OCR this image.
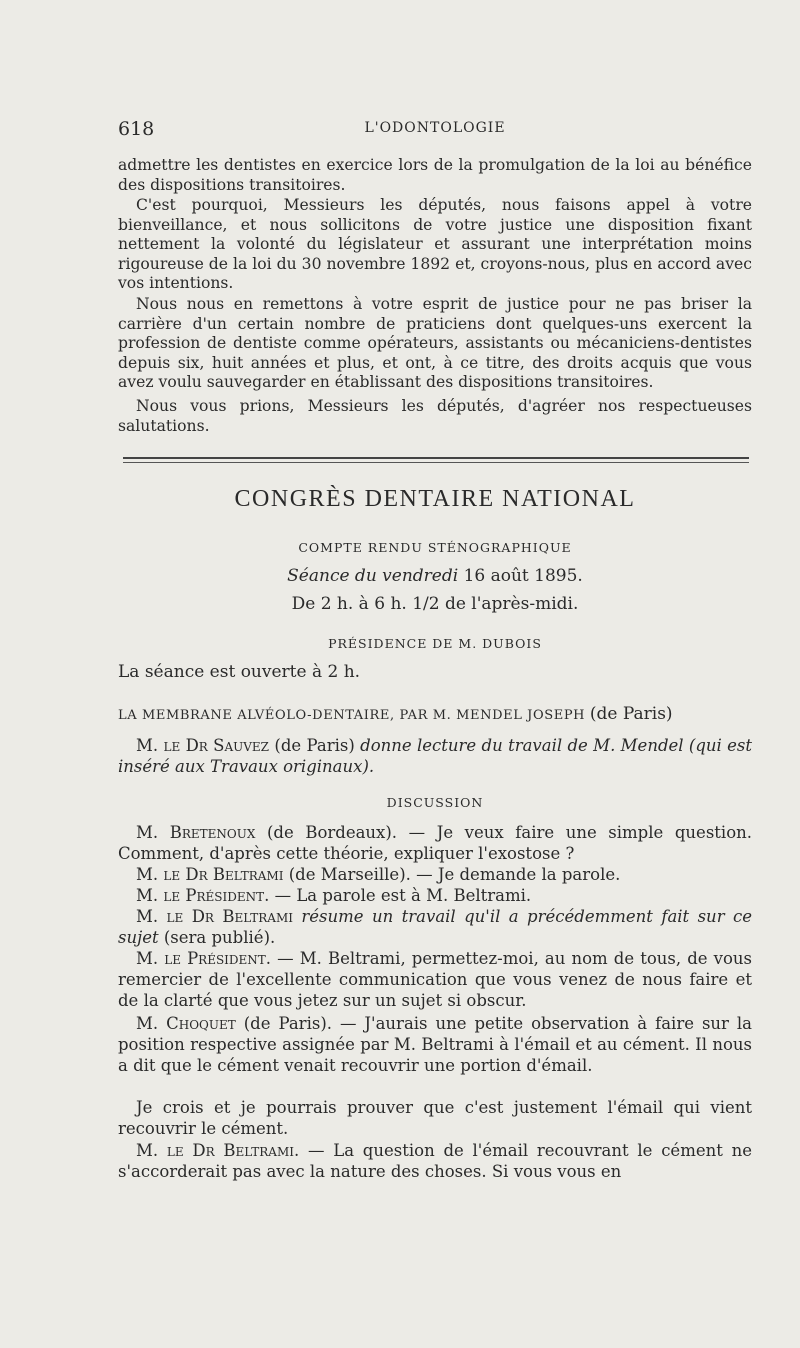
618	L'ODONTOLOGIE
admettre les dentistes en exercice lors de la promulgation de la loi au bénéfice des dispositions transitoires.
C'est pourquoi, Messieurs les députés, nous faisons appel à votre bienveillance, et nous sollicitons de votre justice une disposition fixant nettement la volonté du législateur et assurant une interprétation moins rigoureuse de la loi du 30 novembre 1892 et, croyons-nous, plus en accord avec vos intentions.
Nous nous en remettons à votre esprit de justice pour ne pas briser la carrière d'un certain nombre de praticiens dont quelques-uns exercent la profession de dentiste comme opérateurs, assistants ou mécaniciens-dentistes depuis six, huit années et plus, et ont, à ce titre, des droits acquis que vous avez voulu sauvegarder en établissant des dispositions transitoires.
Nous vous prions, Messieurs les députés, d'agréer nos respectueuses salutations.
CONGRÈS DENTAIRE NATIONAL
COMPTE RENDU STÉNOGRAPHIQUE
Séance du vendredi 16 août 1895.
De 2 h. à 6 h. 1/2 de l'après-midi.
PRÉSIDENCE DE M. DUBOIS
La séance est ouverte à 2 h.
LA MEMBRANE ALVÉOLO-DENTAIRE, PAR M. MENDEL JOSEPH (de Paris)
M. le Dr Sauvez (de Paris) donne lecture du travail de M. Mendel (qui est inséré aux Travaux originaux).
DISCUSSION
M. Bretenoux (de Bordeaux). — Je veux faire une simple question. Comment, d'après cette théorie, expliquer l'exostose ?
M. le Dr Beltrami (de Marseille). — Je demande la parole.
M. le Président. — La parole est à M. Beltrami.
M. le Dr Beltrami résume un travail qu'il a précédemment fait sur ce sujet (sera publié).
M. le Président. — M. Beltrami, permettez-moi, au nom de tous, de vous remercier de l'excellente communication que vous venez de nous faire et de la clarté que vous jetez sur un sujet si obscur.
M. Choquet (de Paris). — J'aurais une petite observation à faire sur la position respective assignée par M. Beltrami à l'émail et au cément. Il nous a dit que le cément venait recouvrir une portion d'émail.
Je crois et je pourrais prouver que c'est justement l'émail qui vient recouvrir le cément.
M. le Dr Beltrami. — La question de l'émail recouvrant le cément ne s'accorderait pas avec la nature des choses. Si vous vous en
